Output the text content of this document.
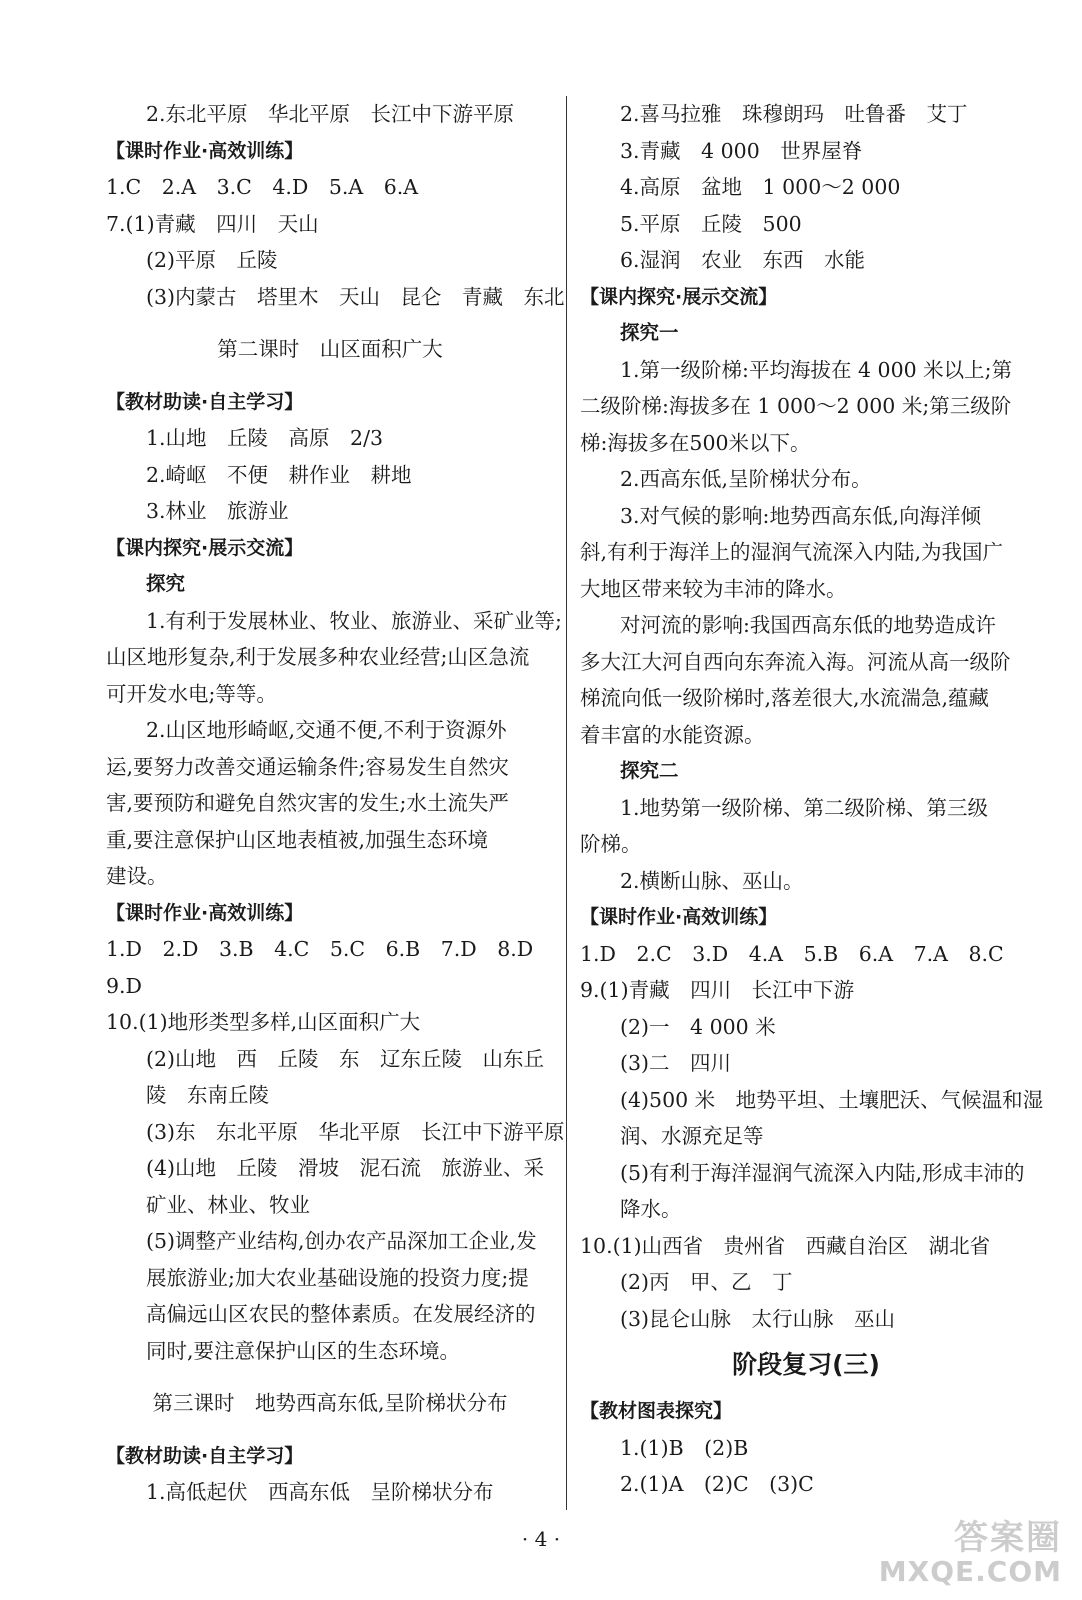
2.东北平原　华北平原　长江中下游平原
【课时作业·高效训练】
1.C　2.A　3.C　4.D　5.A　6.A
7.(1)青藏　四川　天山
(2)平原　丘陵
(3)内蒙古　塔里木　天山　昆仑　青藏　东北
第二课时　山区面积广大
【教材助读·自主学习】
1.山地　丘陵　高原　2/3
2.崎岖　不便　耕作业　耕地
3.林业　旅游业
【课内探究·展示交流】
探究
1.有利于发展林业、牧业、旅游业、采矿业等;
山区地形复杂,利于发展多种农业经营;山区急流
可开发水电;等等。
2.山区地形崎岖,交通不便,不利于资源外
运,要努力改善交通运输条件;容易发生自然灾
害,要预防和避免自然灾害的发生;水土流失严
重,要注意保护山区地表植被,加强生态环境
建设。
【课时作业·高效训练】
1.D　2.D　3.B　4.C　5.C　6.B　7.D　8.D
9.D
10.(1)地形类型多样,山区面积广大
(2)山地　西　丘陵　东　辽东丘陵　山东丘
陵　东南丘陵
(3)东　东北平原　华北平原　长江中下游平原
(4)山地　丘陵　滑坡　泥石流　旅游业、采
矿业、林业、牧业
(5)调整产业结构,创办农产品深加工企业,发
展旅游业;加大农业基础设施的投资力度;提
高偏远山区农民的整体素质。在发展经济的
同时,要注意保护山区的生态环境。
第三课时　地势西高东低,呈阶梯状分布
【教材助读·自主学习】
1.高低起伏　西高东低　呈阶梯状分布
2.喜马拉雅　珠穆朗玛　吐鲁番　艾丁
3.青藏　4 000　世界屋脊
4.高原　盆地　1 000～2 000
5.平原　丘陵　500
6.湿润　农业　东西　水能
【课内探究·展示交流】
探究一
1.第一级阶梯:平均海拔在 4 000 米以上;第
二级阶梯:海拔多在 1 000～2 000 米;第三级阶
梯:海拔多在500米以下。
2.西高东低,呈阶梯状分布。
3.对气候的影响:地势西高东低,向海洋倾
斜,有利于海洋上的湿润气流深入内陆,为我国广
大地区带来较为丰沛的降水。
对河流的影响:我国西高东低的地势造成许
多大江大河自西向东奔流入海。河流从高一级阶
梯流向低一级阶梯时,落差很大,水流湍急,蕴藏
着丰富的水能资源。
探究二
1.地势第一级阶梯、第二级阶梯、第三级
阶梯。
2.横断山脉、巫山。
【课时作业·高效训练】
1.D　2.C　3.D　4.A　5.B　6.A　7.A　8.C
9.(1)青藏　四川　长江中下游
(2)一　4 000 米
(3)二　四川
(4)500 米　地势平坦、土壤肥沃、气候温和湿
润、水源充足等
(5)有利于海洋湿润气流深入内陆,形成丰沛的
降水。
10.(1)山西省　贵州省　西藏自治区　湖北省
(2)丙　甲、乙　丁
(3)昆仑山脉　太行山脉　巫山
阶段复习(三)
【教材图表探究】
1.(1)B　(2)B
2.(1)A　(2)C　(3)C
· 4 ·	答案圈
MXQE.COM
